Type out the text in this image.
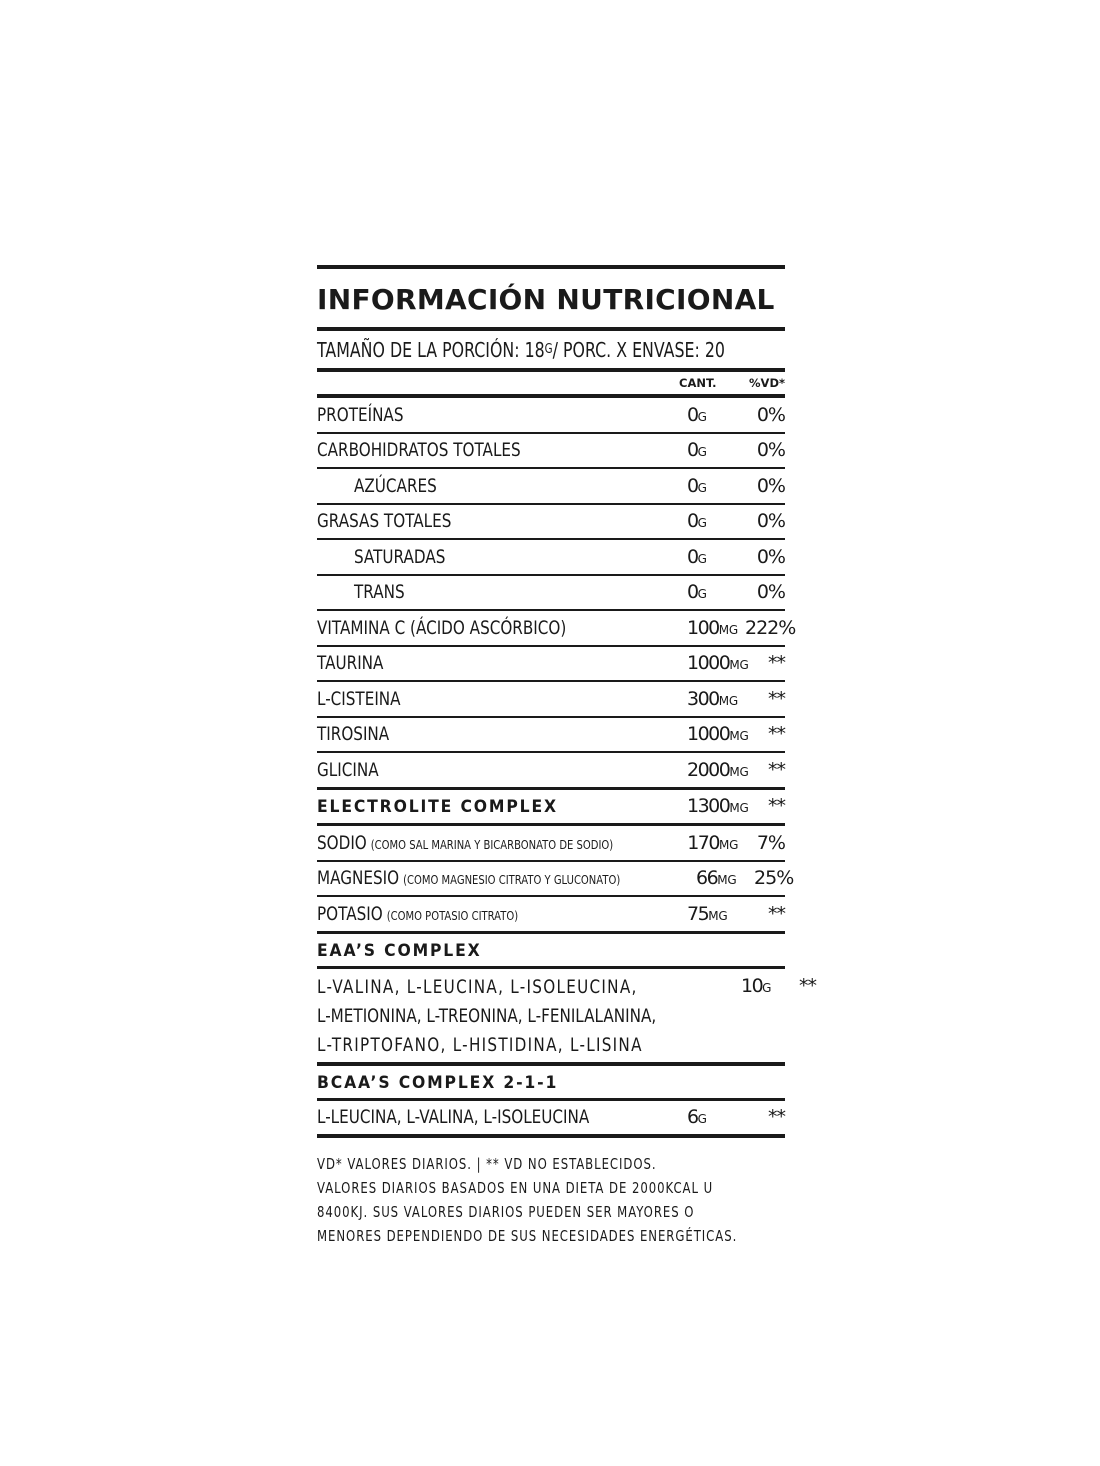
INFORMACIÓN NUTRICIONAL
TAMAÑO DE LA PORCIÓN: 18 G / PORC. X ENVASE: 20
CANT.	%VD*
PROTEÍNAS	0G	0%
CARBOHIDRATOS TOTALES	0G	0%
AZÚCARES	0G	0%
GRASAS TOTALES	0G	0%
SATURADAS	0G	0%
TRANS	0G	0%
VITAMINA C (ÁCIDO ASCÓRBICO)	100MG 222%
TAURINA	1000MG	**
L-CISTEINA	300MG	**
TIROSINA	1000MG	**
GLICINA	2000MG	**
ELECTROLITE COMPLEX	1300MG	**
SODIO (COMO SAL MARINA Y BICARBONATO DE SODIO)	170MG 7%
MAGNESIO (COMO MAGNESIO CITRATO Y GLUCONATO)	66MG 25%
POTASIO (COMO POTASIO CITRATO)	75MG	**
EAA’S COMPLEX
L-VALINA, L-LEUCINA, L-ISOLEUCINA,
L-METIONINA, L-TREONINA, L-FENILALANINA,
L-TRIPTOFANO, L-HISTIDINA, L-LISINA
10G	**
BCAA’S COMPLEX 2-1-1
L-LEUCINA, L-VALINA, L-ISOLEUCINA	6G	**
VD* VALORES DIARIOS. | ** VD NO ESTABLECIDOS.
VALORES DIARIOS BASADOS EN UNA DIETA DE 2000KCAL U
8400KJ. SUS VALORES DIARIOS PUEDEN SER MAYORES O
MENORES DEPENDIENDO DE SUS NECESIDADES ENERGÉTICAS.
